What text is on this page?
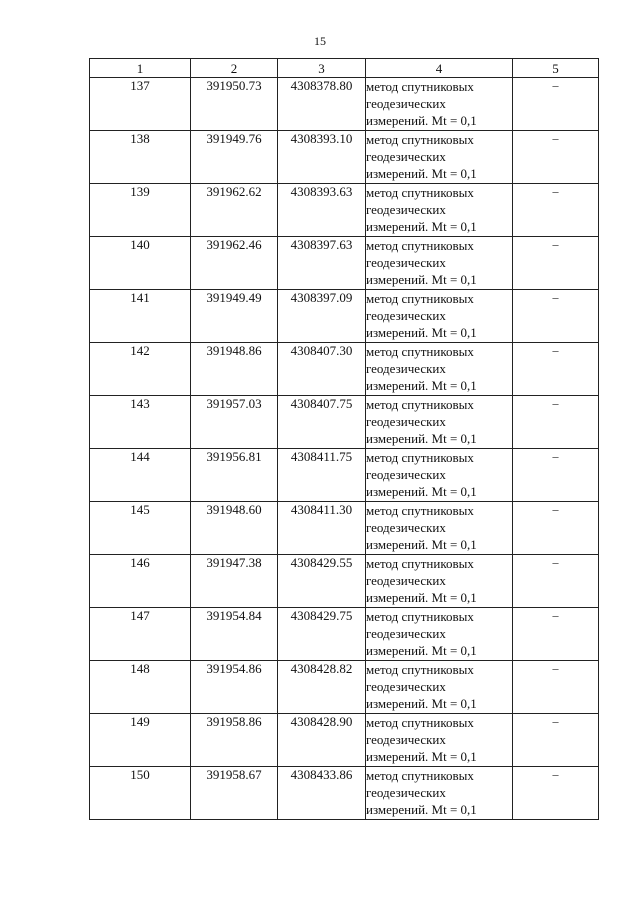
15
1	2	3	4	5
137	391950.73	4308378.80	метод спутниковых
геодезических
измерений. Mt = 0,1	–
138	391949.76	4308393.10	метод спутниковых
геодезических
измерений. Mt = 0,1	–
139	391962.62	4308393.63	метод спутниковых
геодезических
измерений. Mt = 0,1	–
140	391962.46	4308397.63	метод спутниковых
геодезических
измерений. Mt = 0,1	–
141	391949.49	4308397.09	метод спутниковых
геодезических
измерений. Mt = 0,1	–
142	391948.86	4308407.30	метод спутниковых
геодезических
измерений. Mt = 0,1	–
143	391957.03	4308407.75	метод спутниковых
геодезических
измерений. Mt = 0,1	–
144	391956.81	4308411.75	метод спутниковых
геодезических
измерений. Mt = 0,1	–
145	391948.60	4308411.30	метод спутниковых
геодезических
измерений. Mt = 0,1	–
146	391947.38	4308429.55	метод спутниковых
геодезических
измерений. Mt = 0,1	–
147	391954.84	4308429.75	метод спутниковых
геодезических
измерений. Mt = 0,1	–
148	391954.86	4308428.82	метод спутниковых
геодезических
измерений. Mt = 0,1	–
149	391958.86	4308428.90	метод спутниковых
геодезических
измерений. Mt = 0,1	–
150	391958.67	4308433.86	метод спутниковых
геодезических
измерений. Mt = 0,1	–
